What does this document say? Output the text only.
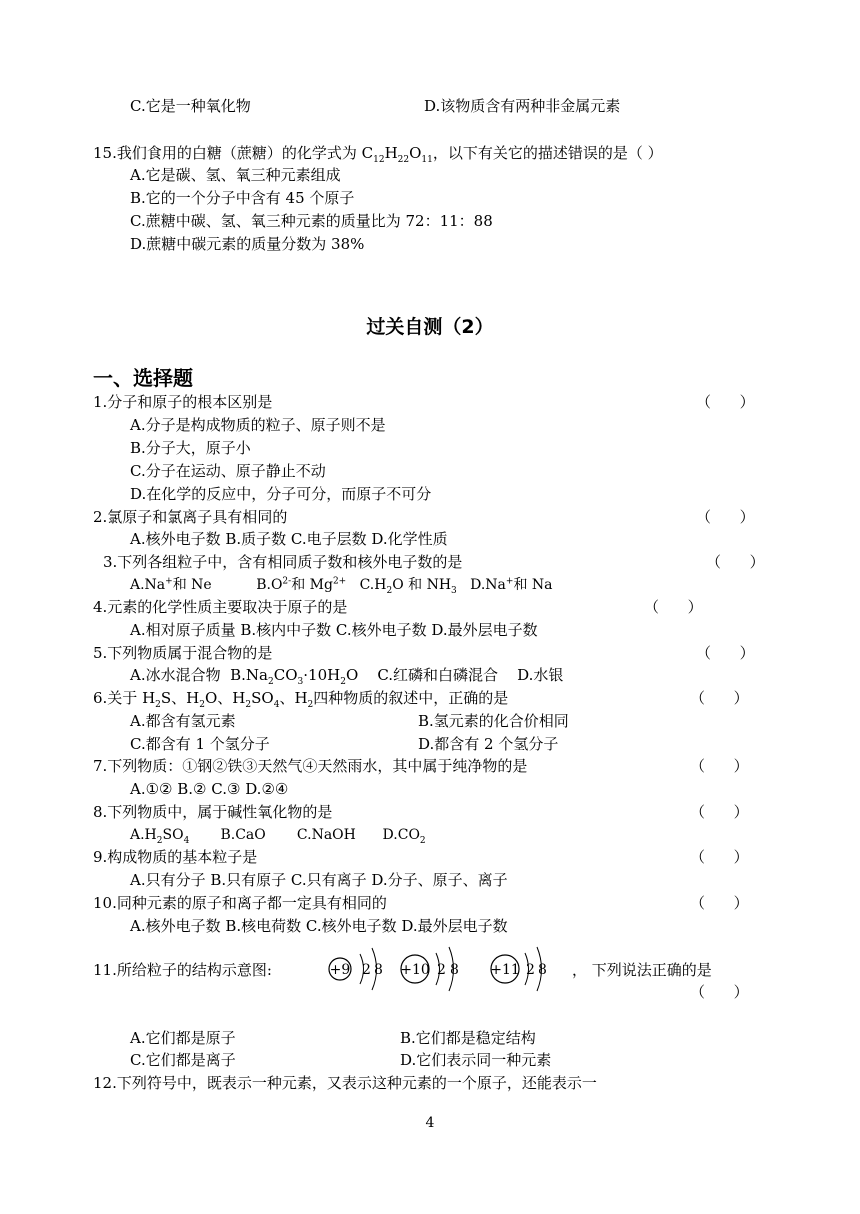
C.它是一种氧化物	D.该物质含有两种非金属元素
15.我们食用的白糖（蔗糖）的化学式为 $C_{12}H_{22}O_{11}$，以下有关它的描述错误的是（ ）
A.它是碳、氢、氧三种元素组成
B.它的一个分子中含有 45 个原子
C.蔗糖中碳、氢、氧三种元素的质量比为 72：11：88
D.蔗糖中碳元素的质量分数为 38%
过关自测（2）
一、选择题
1.分子和原子的根本区别是	（      ）
A.分子是构成物质的粒子、原子则不是
B.分子大，原子小
C.分子在运动、原子静止不动
D.在化学的反应中，分子可分，而原子不可分
2.氯原子和氯离子具有相同的	（      ）
A.核外电子数 B.质子数 C.电子层数 D.化学性质
3.下列各组粒子中，含有相同质子数和核外电子数的是	（      ）
A.Na+和 Ne          $B.O^{2-}$和 $Mg^{2+}$   $C.H_2O$ 和 $NH_3$   D.Na+和 Na
4.元素的化学性质主要取决于原子的是	（      ）
A.相对原子质量 B.核内中子数 C.核外电子数 D.最外层电子数
5.下列物质属于混合物的是	（      ）
A.冰水混合物  $B.Na_2CO_3\cdot 10H_2O$    C.红磷和白磷混合 D.水银
6.关于 $H_2S$、$H_2O$、$H_2SO_4$、$H_2$四种物质的叙述中，正确的是	（      ）
A.都含有氢元素	B.氢元素的化合价相同
C.都含有 1 个氢分子	D.都含有 2 个氢分子
7.下列物质：①钢②铁③天然气④天然雨水，其中属于纯净物的是	（      ）
A.①② B.② C.③ D.②④
8.下列物质中，属于碱性氧化物的是	（      ）
$A.H_2SO_4$       B.CaO       C.NaOH      $D.CO_2$
9.构成物质的基本粒子是	（      ）
A.只有分子 B.只有原子 C.只有离子 D.分子、原子、离子
10.同种元素的原子和离子都一定具有相同的	（      ）
A.核外电子数 B.核电荷数 C.核外电子数 D.最外层电子数
11.所给粒子的结构示意图:	+9 2 8 +10 2 8 +11 2 8 ， 下列说法正确的是
（      ）
A.它们都是原子	B.它们都是稳定结构
C.它们都是离子	D.它们表示同一种元素
12.下列符号中，既表示一种元素，又表示这种元素的一个原子，还能表示一
4
